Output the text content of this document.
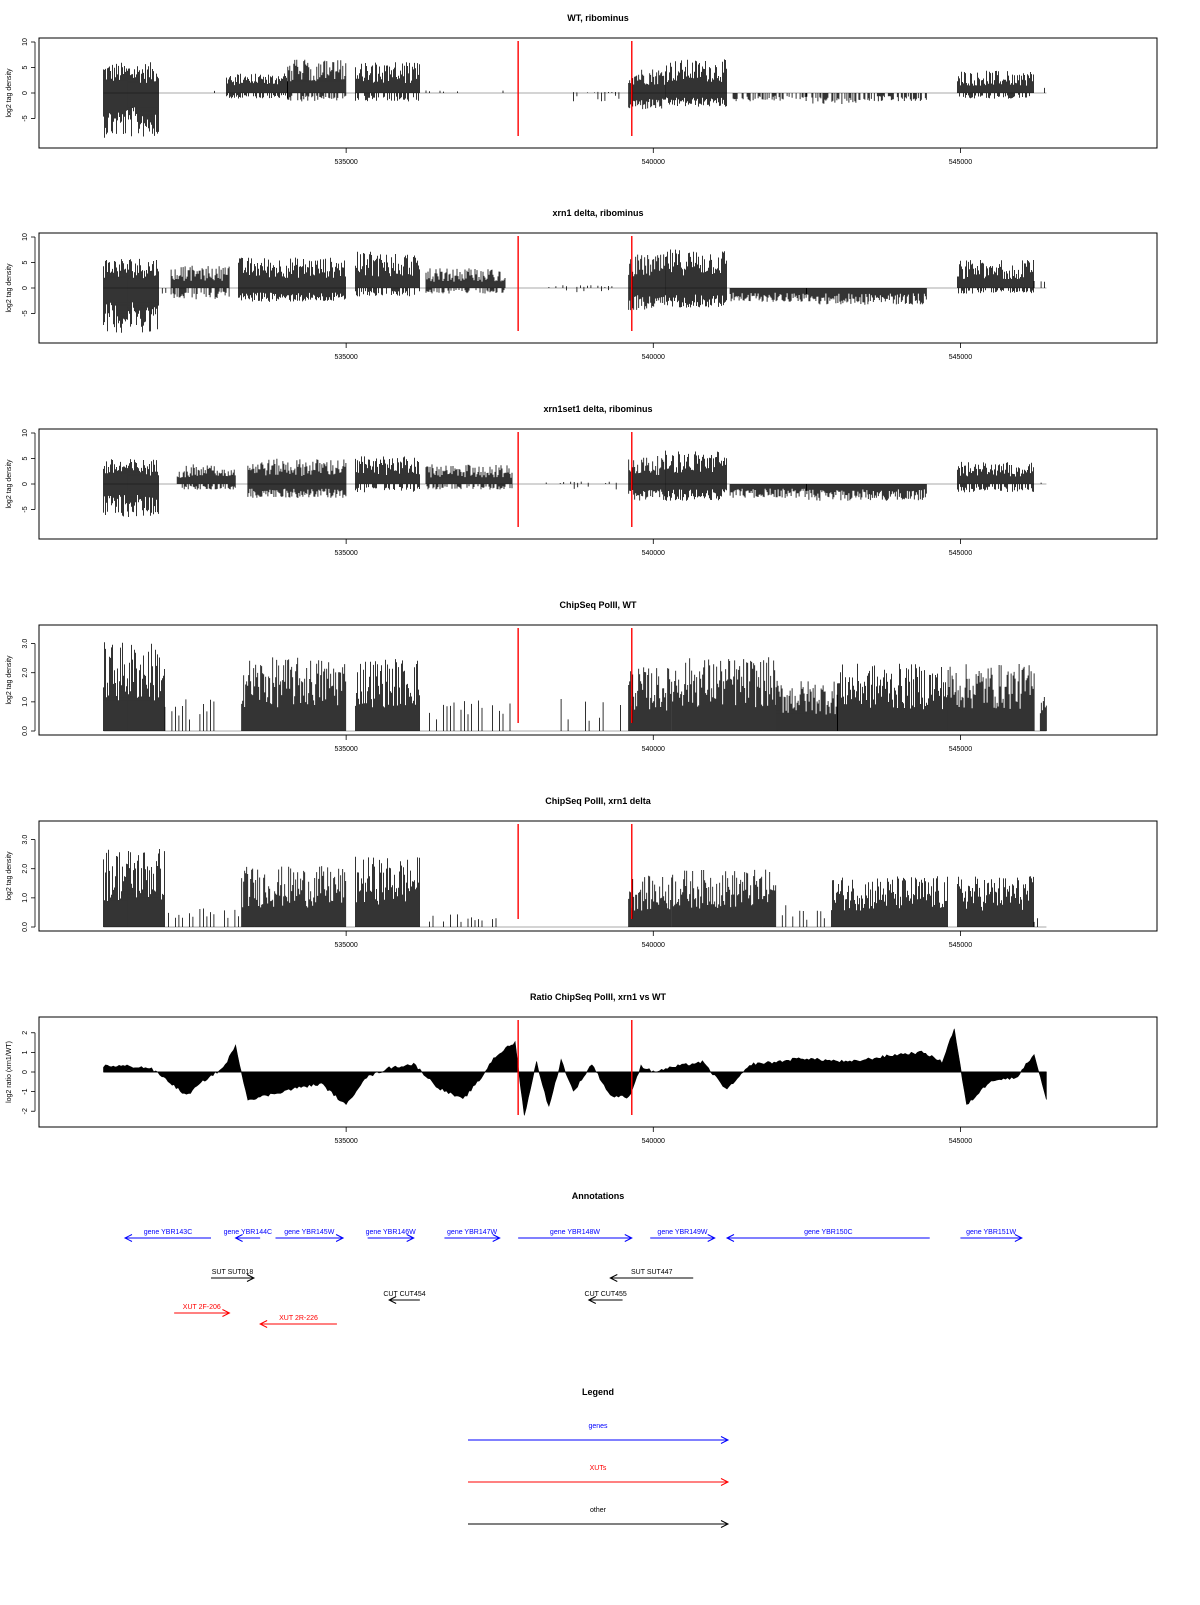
WT, ribominus
10
5
0
-5
log2 tag density
535000	540000	545000
xrn1 delta, ribominus
10
5
0
-5
log2 tag density
535000	540000	545000
xrn1set1 delta, ribominus
10
5
0
-5
log2 tag density
535000	540000	545000
ChipSeq PolII, WT
3.0
2.0
1.0
0.0
log2 tag density
535000	540000	545000
ChipSeq PolII, xrn1 delta
3.0
2.0
1.0
0.0
log2 tag density
535000	540000	545000
Ratio ChipSeq PolII, xrn1 vs WT
2
1
0
-1
-2
log2 ratio (xrn1/WT)
535000	540000	545000
Annotations
gene YBR143C	gene YBR144C gene YBR145W	gene YBR146W	gene YBR147W	gene YBR148W	gene YBR149W	gene YBR150C	gene YBR151W
SUT SUT018	SUT SUT447
CUT CUT454	CUT CUT455
XUT 2F-206
XUT 2R-226
Legend
genes
XUTs
other
